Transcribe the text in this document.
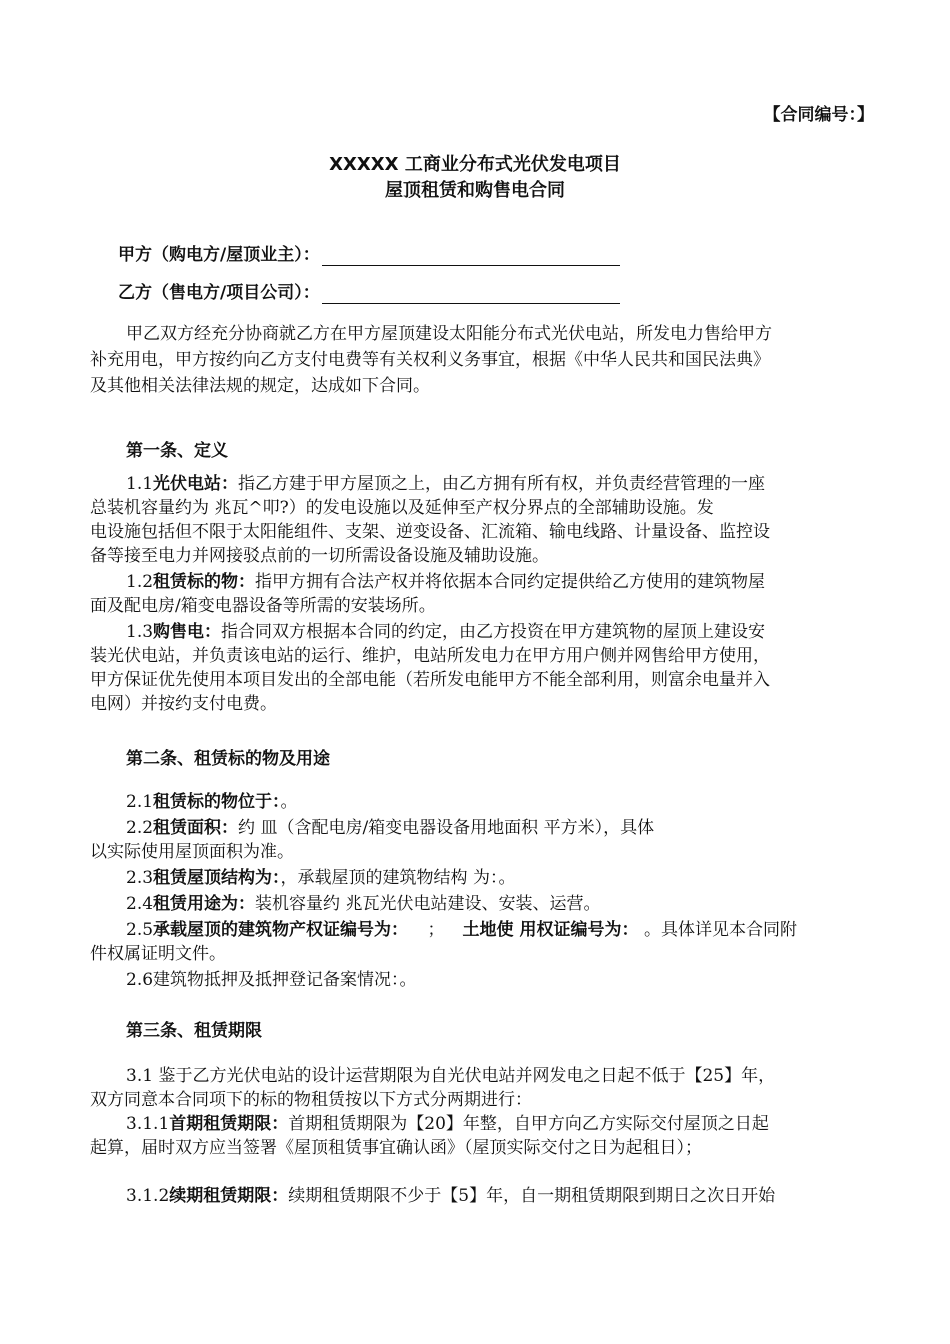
【合同编号：】
XXXXX 工商业分布式光伏发电项目
屋顶租赁和购售电合同
甲方（购电方/屋顶业主）：
乙方（售电方/项目公司）：
甲乙双方经充分协商就乙方在甲方屋顶建设太阳能分布式光伏电站，所发电力售给甲方
补充用电，甲方按约向乙方支付电费等有关权利义务事宜，根据《中华人民共和国民法典》
及其他相关法律法规的规定，达成如下合同。
第一条、定义
1.1光伏电站：指乙方建于甲方屋顶之上，由乙方拥有所有权，并负责经营管理的一座
总装机容量约为 兆瓦^叩?）的发电设施以及延伸至产权分界点的全部辅助设施。发
电设施包括但不限于太阳能组件、支架、逆变设备、汇流箱、输电线路、计量设备、监控设
备等接至电力并网接驳点前的一切所需设备设施及辅助设施。
1.2租赁标的物：指甲方拥有合法产权并将依据本合同约定提供给乙方使用的建筑物屋
面及配电房/箱变电器设备等所需的安装场所。
1.3购售电：指合同双方根据本合同的约定，由乙方投资在甲方建筑物的屋顶上建设安
装光伏电站，并负责该电站的运行、维护，电站所发电力在甲方用户侧并网售给甲方使用，
甲方保证优先使用本项目发出的全部电能（若所发电能甲方不能全部利用，则富余电量并入
电网）并按约支付电费。
第二条、租赁标的物及用途
2.1租赁标的物位于：。
2.2租赁面积：约 皿（含配电房/箱变电器设备用地面积 平方米），具体
以实际使用屋顶面积为准。
2.3租赁屋顶结构为：，承载屋顶的建筑物结构 为：。
2.4租赁用途为：装机容量约 兆瓦光伏电站建设、安装、运营。
2.5承载屋顶的建筑物产权证编号为： ； 土地使 用权证编号为： 。具体详见本合同附
件权属证明文件。
2.6建筑物抵押及抵押登记备案情况：。
第三条、租赁期限
3.1 鉴于乙方光伏电站的设计运营期限为自光伏电站并网发电之日起不低于【25】年，
双方同意本合同项下的标的物租赁按以下方式分两期进行：
3.1.1首期租赁期限：首期租赁期限为【20】年整，自甲方向乙方实际交付屋顶之日起
起算，届时双方应当签署《屋顶租赁事宜确认函》（屋顶实际交付之日为起租日）；
3.1.2续期租赁期限：续期租赁期限不少于【5】年，自一期租赁期限到期日之次日开始
